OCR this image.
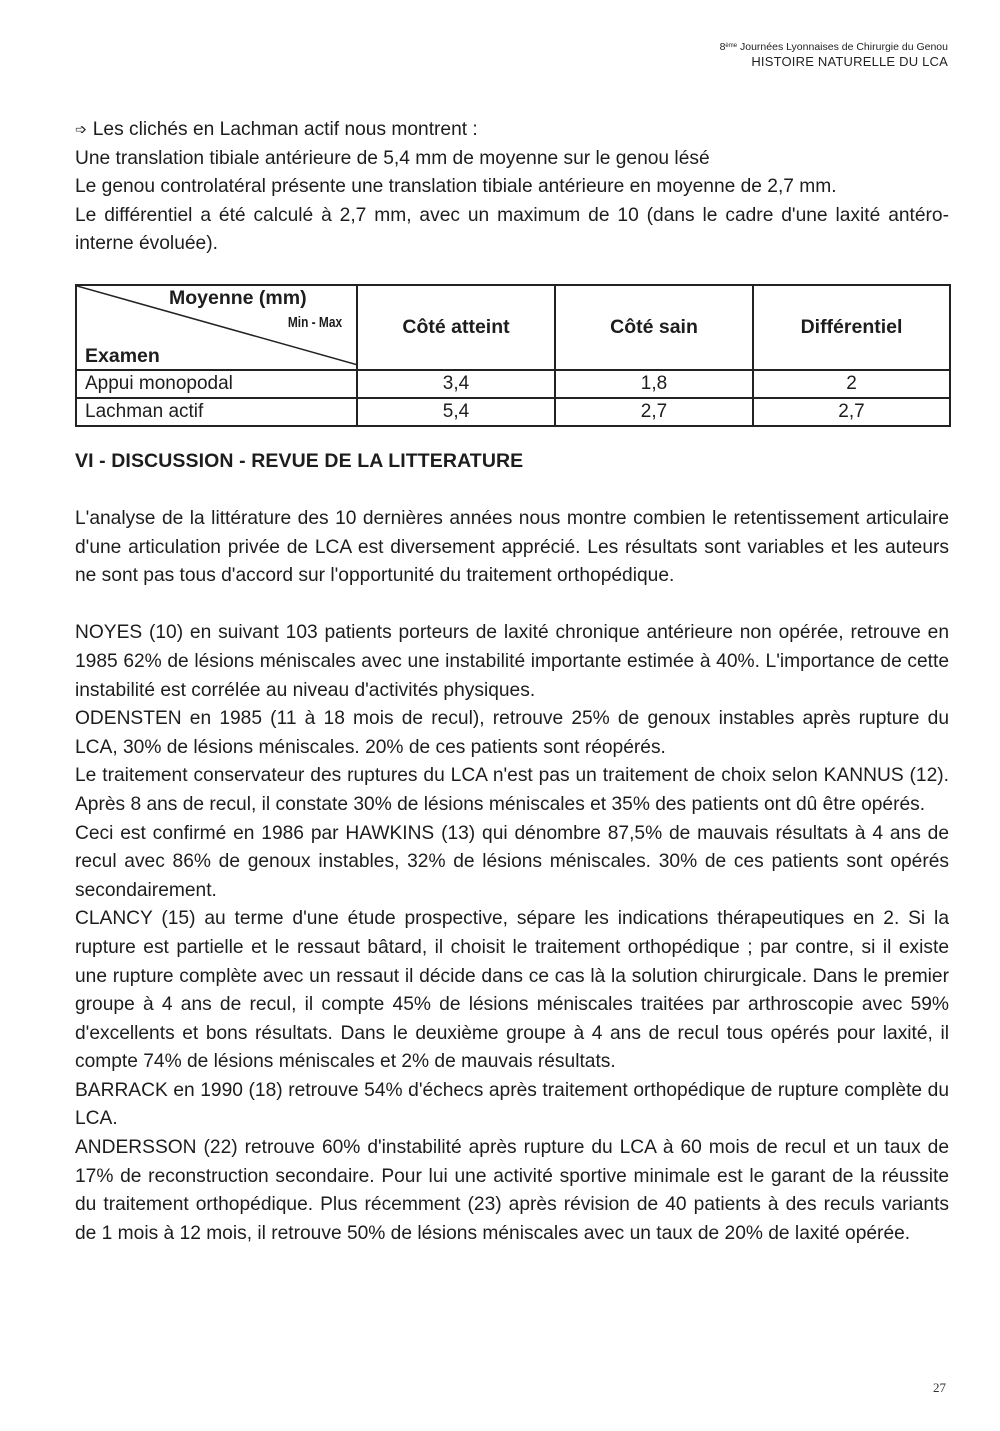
8ème Journées Lyonnaises de Chirurgie du Genou
HISTOIRE NATURELLE DU LCA

➩ Les clichés en Lachman actif nous montrent :

Une translation tibiale antérieure de 5,4 mm de moyenne sur le genou lésé

Le genou controlatéral présente une translation tibiale antérieure en moyenne de 2,7 mm.

Le différentiel a été calculé à 2,7 mm, avec un maximum de 10 (dans le cadre d'une laxité antéro-interne évoluée).

Moyenne (mm)
Min - Max
Examen	Côté atteint	Côté sain	Différentiel
Appui monopodal	3,4	1,8	2
Lachman actif	5,4	2,7	2,7
VI - DISCUSSION - REVUE DE LA LITTERATURE

L'analyse de la littérature des 10 dernières années nous montre combien le retentissement articulaire d'une articulation privée de LCA est diversement apprécié. Les résultats sont variables et les auteurs ne sont pas tous d'accord sur l'opportunité du traitement orthopédique.

NOYES (10) en suivant 103 patients porteurs de laxité chronique antérieure non opérée, retrouve en 1985 62% de lésions méniscales avec une instabilité importante estimée à 40%. L'importance de cette instabilité est corrélée au niveau d'activités physiques.

ODENSTEN en 1985 (11 à 18 mois de recul), retrouve 25% de genoux instables après rupture du LCA, 30% de lésions méniscales. 20% de ces patients sont réopérés.

Le traitement conservateur des ruptures du LCA n'est pas un traitement de choix selon KANNUS (12). Après 8 ans de recul, il constate 30% de lésions méniscales et 35% des patients ont dû être opérés.

Ceci est confirmé en 1986 par HAWKINS (13) qui dénombre 87,5% de mauvais résultats à 4 ans de recul avec 86% de genoux instables, 32% de lésions méniscales. 30% de ces patients sont opérés secondairement.

CLANCY (15) au terme d'une étude prospective, sépare les indications thérapeutiques en 2. Si la rupture est partielle et le ressaut bâtard, il choisit le traitement orthopédique ; par contre, si il existe une rupture complète avec un ressaut il décide dans ce cas là la solution chirurgicale. Dans le premier groupe à 4 ans de recul, il compte 45% de lésions méniscales traitées par arthroscopie avec 59% d'excellents et bons résultats. Dans le deuxième groupe à 4 ans de recul tous opérés pour laxité, il compte 74% de lésions méniscales et 2% de mauvais résultats.

BARRACK en 1990 (18) retrouve 54% d'échecs après traitement orthopédique de rupture complète du LCA.

ANDERSSON (22) retrouve 60% d'instabilité après rupture du LCA à 60 mois de recul et un taux de 17% de reconstruction secondaire. Pour lui une activité sportive minimale est le garant de la réussite du traitement orthopédique. Plus récemment (23) après révision de 40 patients à des reculs variants de 1 mois à 12 mois, il retrouve 50% de lésions méniscales avec un taux de 20% de laxité opérée.

27
